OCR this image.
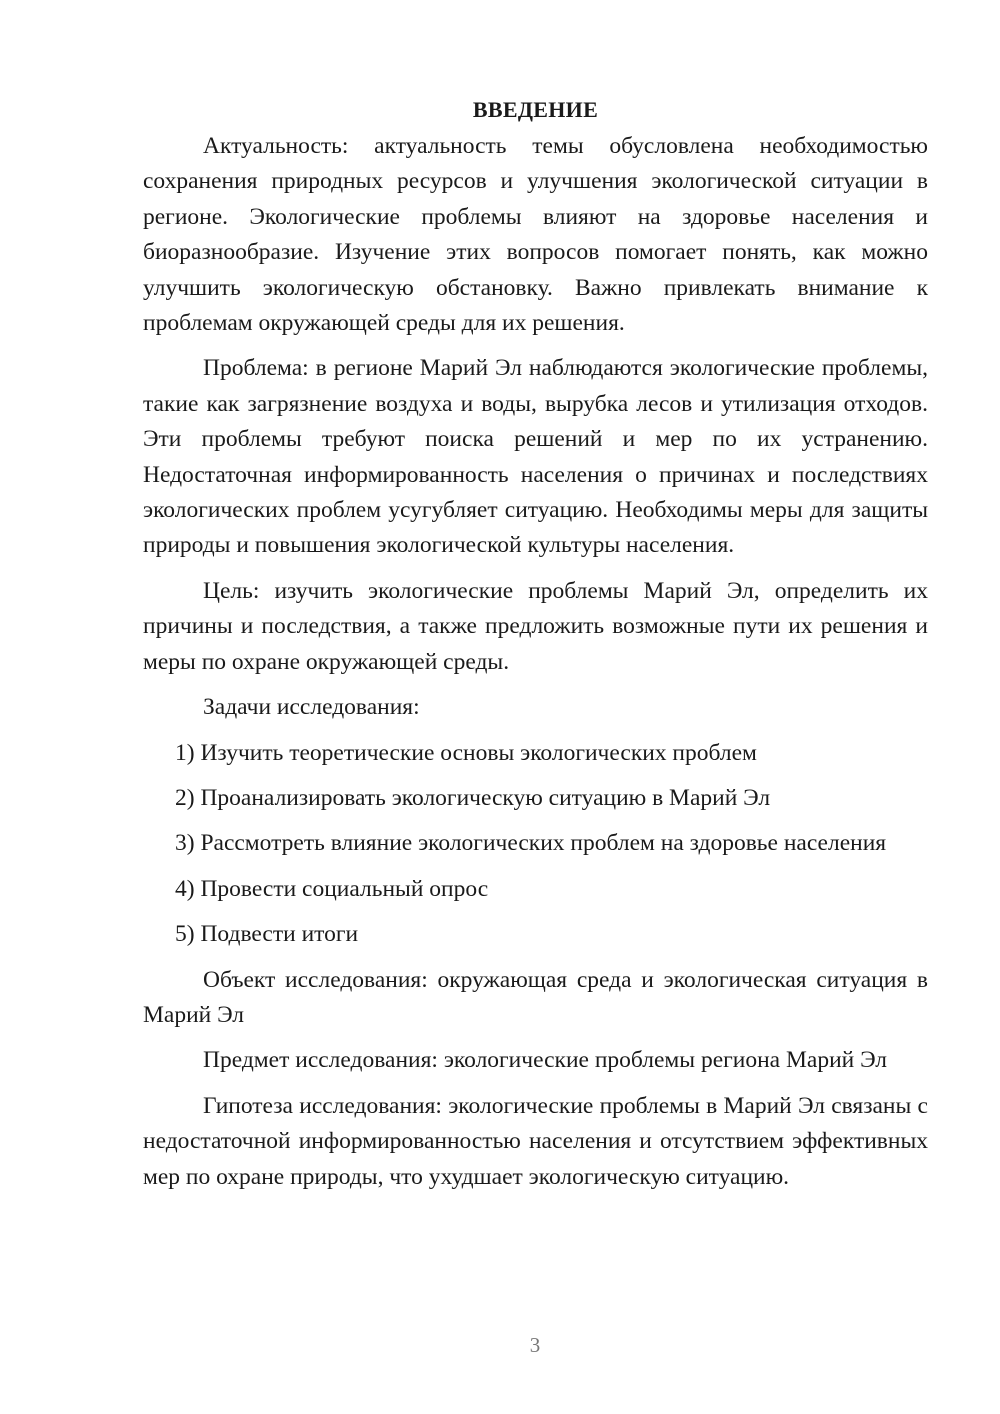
ВВЕДЕНИЕ

Актуальность: актуальность темы обусловлена необходимостью сохранения природных ресурсов и улучшения экологической ситуации в регионе. Экологические проблемы влияют на здоровье населения и биоразнообразие. Изучение этих вопросов помогает понять, как можно улучшить экологическую обстановку. Важно привлекать внимание к проблемам окружающей среды для их решения.

Проблема: в регионе Марий Эл наблюдаются экологические проблемы, такие как загрязнение воздуха и воды, вырубка лесов и утилизация отходов. Эти проблемы требуют поиска решений и мер по их устранению. Недостаточная информированность населения о причинах и последствиях экологических проблем усугубляет ситуацию. Необходимы меры для защиты природы и повышения экологической культуры населения.

Цель: изучить экологические проблемы Марий Эл, определить их причины и последствия, а также предложить возможные пути их решения и меры по охране окружающей среды.

Задачи исследования:

1) Изучить теоретические основы экологических проблем
2) Проанализировать экологическую ситуацию в Марий Эл
3) Рассмотреть влияние экологических проблем на здоровье населения
4) Провести социальный опрос
5) Подвести итоги

Объект исследования: окружающая среда и экологическая ситуация в Марий Эл

Предмет исследования: экологические проблемы региона Марий Эл

Гипотеза исследования: экологические проблемы в Марий Эл связаны с недостаточной информированностью населения и отсутствием эффективных мер по охране природы, что ухудшает экологическую ситуацию.

3
